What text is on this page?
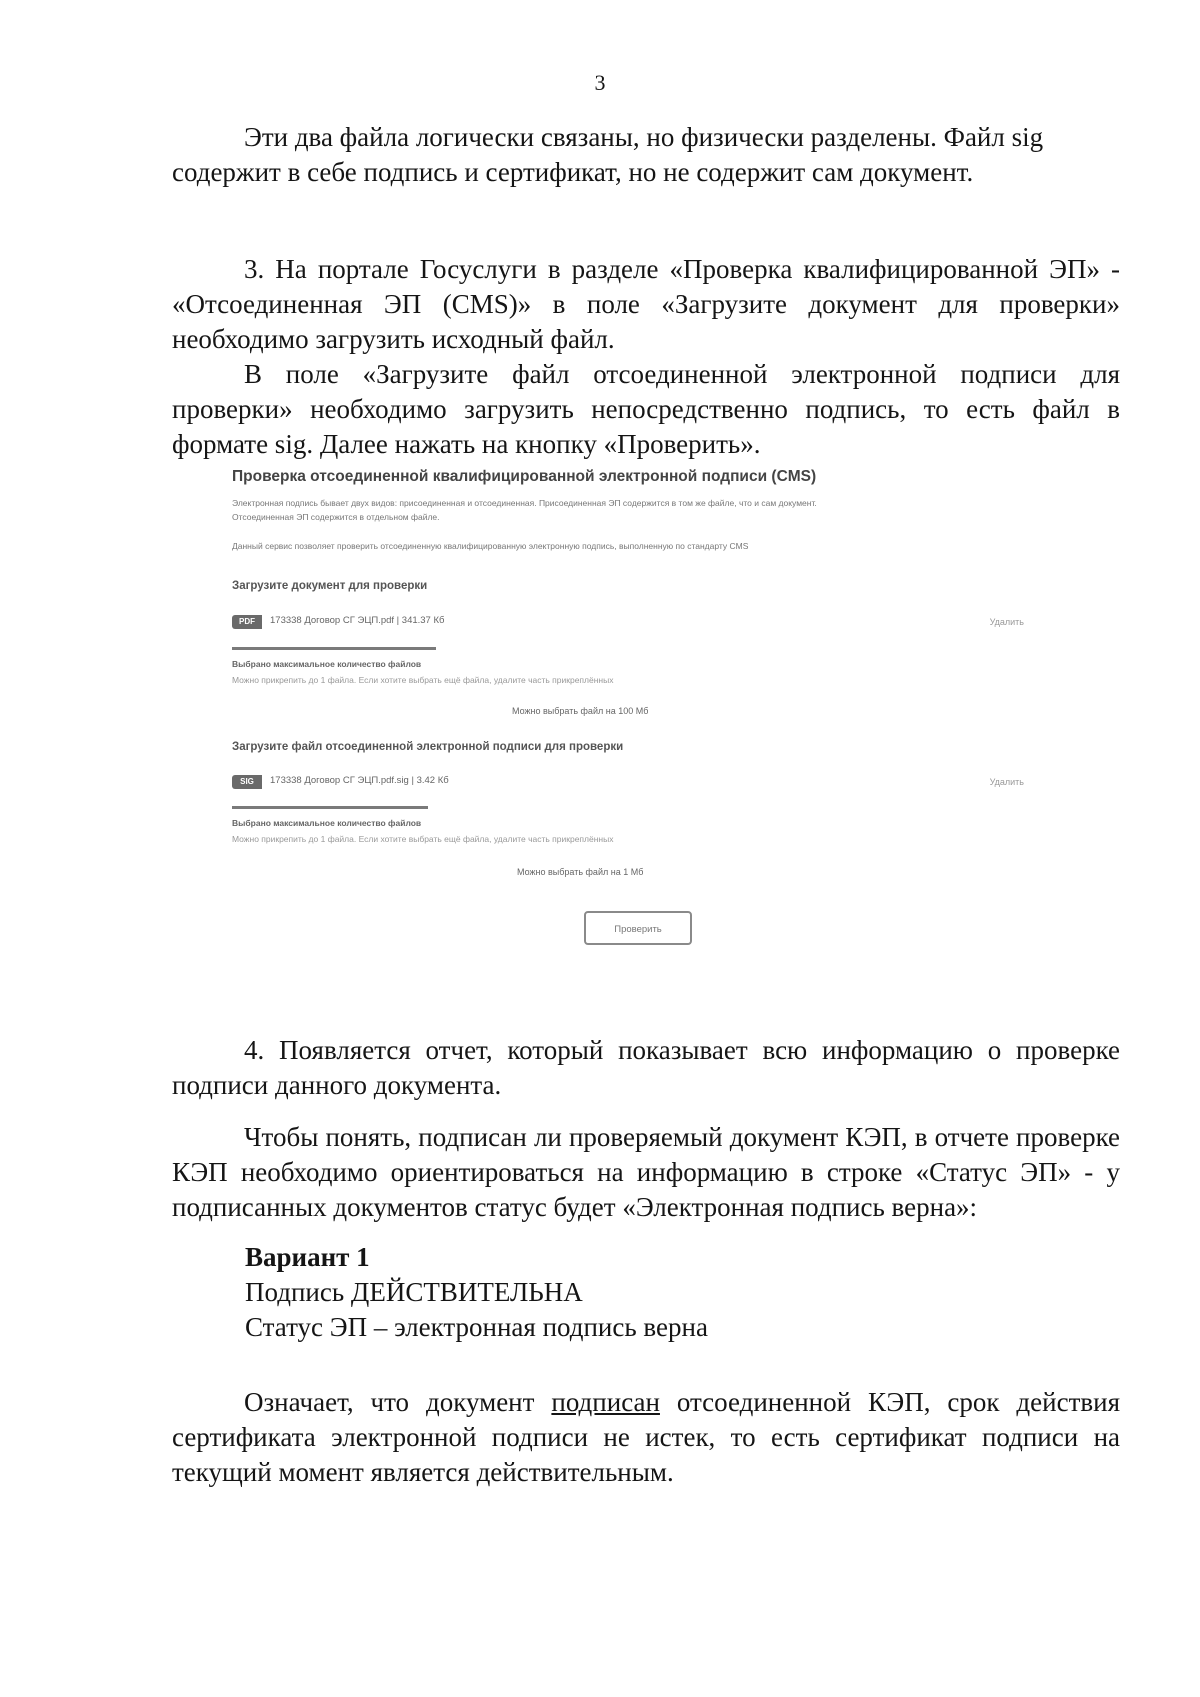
3
Эти два файла логически связаны, но физически разделены. Файл sig
содержит в себе подпись и сертификат, но не содержит сам документ.
3. На портале Госуслуги в разделе «Проверка квалифицированной ЭП» - «Отсоединенная ЭП (CMS)» в поле «Загрузите документ для проверки» необходимо загрузить исходный файл.
В поле «Загрузите файл отсоединенной электронной подписи для проверки» необходимо загрузить непосредственно подпись, то есть файл в формате sig. Далее нажать на кнопку «Проверить».
Проверка отсоединенной квалифицированной электронной подписи (CMS)
Электронная подпись бывает двух видов: присоединенная и отсоединенная. Присоединенная ЭП содержится в том же файле, что и сам документ.
Отсоединенная ЭП содержится в отдельном файле.
Данный сервис позволяет проверить отсоединенную квалифицированную электронную подпись, выполненную по стандарту CMS
Загрузите документ для проверки
PDF	173338 Договор СГ ЭЦП.pdf | 341.37 Кб	Удалить
Выбрано максимальное количество файлов
Можно прикрепить до 1 файла. Если хотите выбрать ещё файла, удалите часть прикреплённых
Можно выбрать файл на 100 Мб
Загрузите файл отсоединенной электронной подписи для проверки
SIG	173338 Договор СГ ЭЦП.pdf.sig | 3.42 Кб	Удалить
Выбрано максимальное количество файлов
Можно прикрепить до 1 файла. Если хотите выбрать ещё файла, удалите часть прикреплённых
Можно выбрать файл на 1 Мб
Проверить
4. Появляется отчет, который показывает всю информацию о проверке подписи данного документа.
Чтобы понять, подписан ли проверяемый документ КЭП, в отчете проверке КЭП необходимо ориентироваться на информацию в строке «Статус ЭП» - у подписанных документов статус будет «Электронная подпись верна»:
Вариант 1
Подпись ДЕЙСТВИТЕЛЬНА
Статус ЭП – электронная подпись верна
Означает, что документ подписан отсоединенной КЭП, срок действия сертификата электронной подписи не истек, то есть сертификат подписи на текущий момент является действительным.
